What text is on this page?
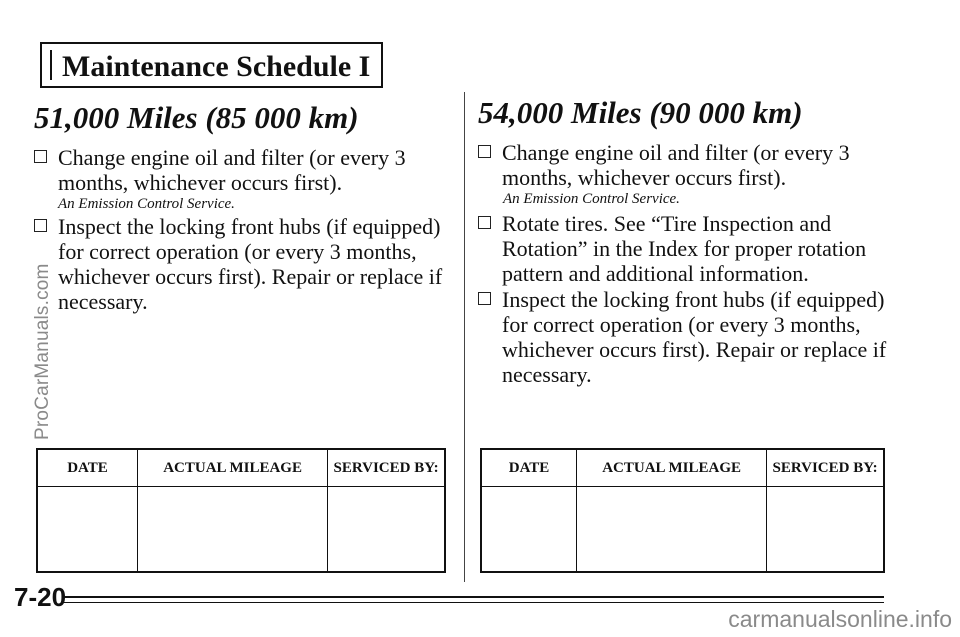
ProCarManuals.com
Maintenance Schedule I
51,000 Miles (85 000 km)
Change engine oil and filter (or every 3 months, whichever occurs first).
An Emission Control Service.
Inspect the locking front hubs (if equipped) for correct operation (or every 3 months, whichever occurs first). Repair or replace if necessary.
DATE	ACTUAL MILEAGE	SERVICED BY:

54,000 Miles (90 000 km)
Change engine oil and filter (or every 3 months, whichever occurs first).
An Emission Control Service.
Rotate tires. See “Tire Inspection and Rotation” in the Index for proper rotation pattern and additional information.
Inspect the locking front hubs (if equipped) for correct operation (or every 3 months, whichever occurs first). Repair or replace if necessary.
DATE	ACTUAL MILEAGE	SERVICED BY:

7-20
carmanualsonline.info
